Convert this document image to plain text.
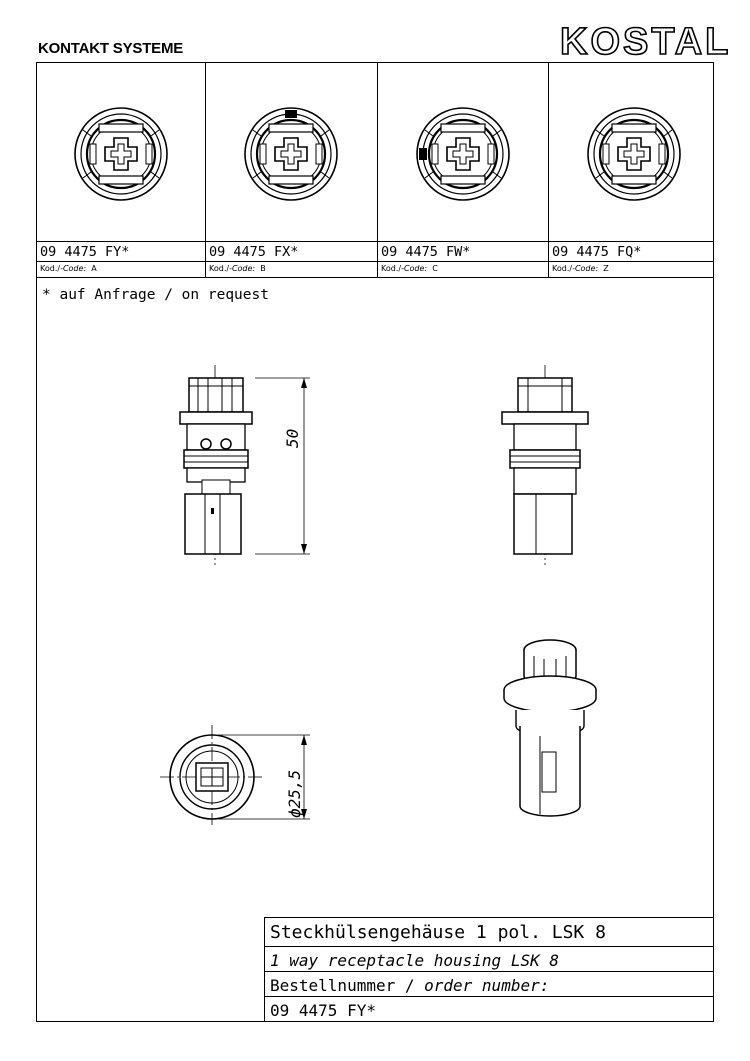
KONTAKT SYSTEME	KOSTAL
09 4475 FY*	09 4475 FX*	09 4475 FW*	09 4475 FQ*
Kod./-Code: A	Kod./-Code: B	Kod./-Code: C	Kod./-Code: Z
* auf Anfrage / on request
50
ϕ25,5
Steckhülsengehäuse 1 pol. LSK 8
1 way receptacle housing LSK 8
Bestellnummer / order number:
09 4475 FY*
